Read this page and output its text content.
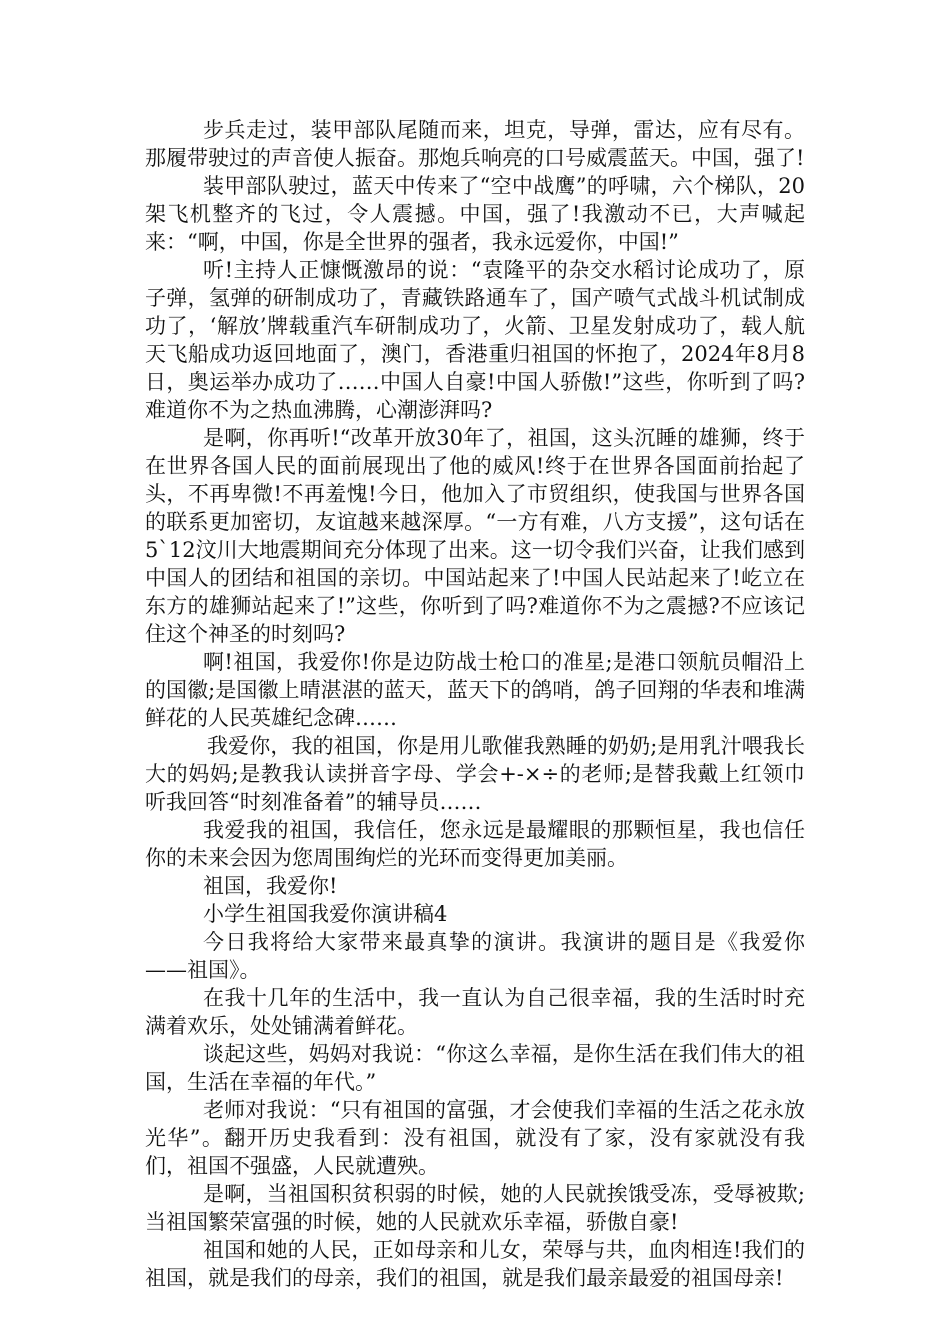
步兵走过，装甲部队尾随而来，坦克，导弹，雷达，应有尽有。那履带驶过的声音使人振奋。那炮兵响亮的口号威震蓝天。中国，强了!

装甲部队驶过，蓝天中传来了“空中战鹰”的呼啸，六个梯队，20架飞机整齐的飞过，令人震撼。中国，强了!我激动不已，大声喊起来：“啊，中国，你是全世界的强者，我永远爱你，中国!”

听!主持人正慷慨激昂的说：“袁隆平的杂交水稻讨论成功了，原子弹，氢弹的研制成功了，青藏铁路通车了，国产喷气式战斗机试制成功了，‘解放’牌载重汽车研制成功了，火箭、卫星发射成功了，载人航天飞船成功返回地面了，澳门，香港重归祖国的怀抱了，2024年8月8日，奥运举办成功了……中国人自豪!中国人骄傲!”这些，你听到了吗?难道你不为之热血沸腾，心潮澎湃吗?

是啊，你再听!“改革开放30年了，祖国，这头沉睡的雄狮，终于在世界各国人民的面前展现出了他的威风!终于在世界各国面前抬起了头，不再卑微!不再羞愧!今日，他加入了市贸组织，使我国与世界各国的联系更加密切，友谊越来越深厚。“一方有难，八方支援”，这句话在5`12汶川大地震期间充分体现了出来。这一切令我们兴奋，让我们感到中国人的团结和祖国的亲切。中国站起来了!中国人民站起来了!屹立在东方的雄狮站起来了!”这些，你听到了吗?难道你不为之震撼?不应该记住这个神圣的时刻吗?

啊!祖国，我爱你!你是边防战士枪口的准星;是港口领航员帽沿上的国徽;是国徽上晴湛湛的蓝天，蓝天下的鸽哨，鸽子回翔的华表和堆满鲜花的人民英雄纪念碑……

我爱你，我的祖国，你是用儿歌催我熟睡的奶奶;是用乳汁喂我长大的妈妈;是教我认读拼音字母、学会+-×÷的老师;是替我戴上红领巾听我回答“时刻准备着”的辅导员……

我爱我的祖国，我信任，您永远是最耀眼的那颗恒星，我也信任你的未来会因为您周围绚烂的光环而变得更加美丽。

祖国，我爱你!

小学生祖国我爱你演讲稿4

今日我将给大家带来最真挚的演讲。我演讲的题目是《我爱你——祖国》。

在我十几年的生活中，我一直认为自己很幸福，我的生活时时充满着欢乐，处处铺满着鲜花。

谈起这些，妈妈对我说：“你这么幸福，是你生活在我们伟大的祖国，生活在幸福的年代。”

老师对我说：“只有祖国的富强，才会使我们幸福的生活之花永放光华”。翻开历史我看到：没有祖国，就没有了家，没有家就没有我们，祖国不强盛，人民就遭殃。

是啊，当祖国积贫积弱的时候，她的人民就挨饿受冻，受辱被欺;当祖国繁荣富强的时候，她的人民就欢乐幸福，骄傲自豪!

祖国和她的人民，正如母亲和儿女，荣辱与共，血肉相连!我们的祖国，就是我们的母亲，我们的祖国，就是我们最亲最爱的祖国母亲!
